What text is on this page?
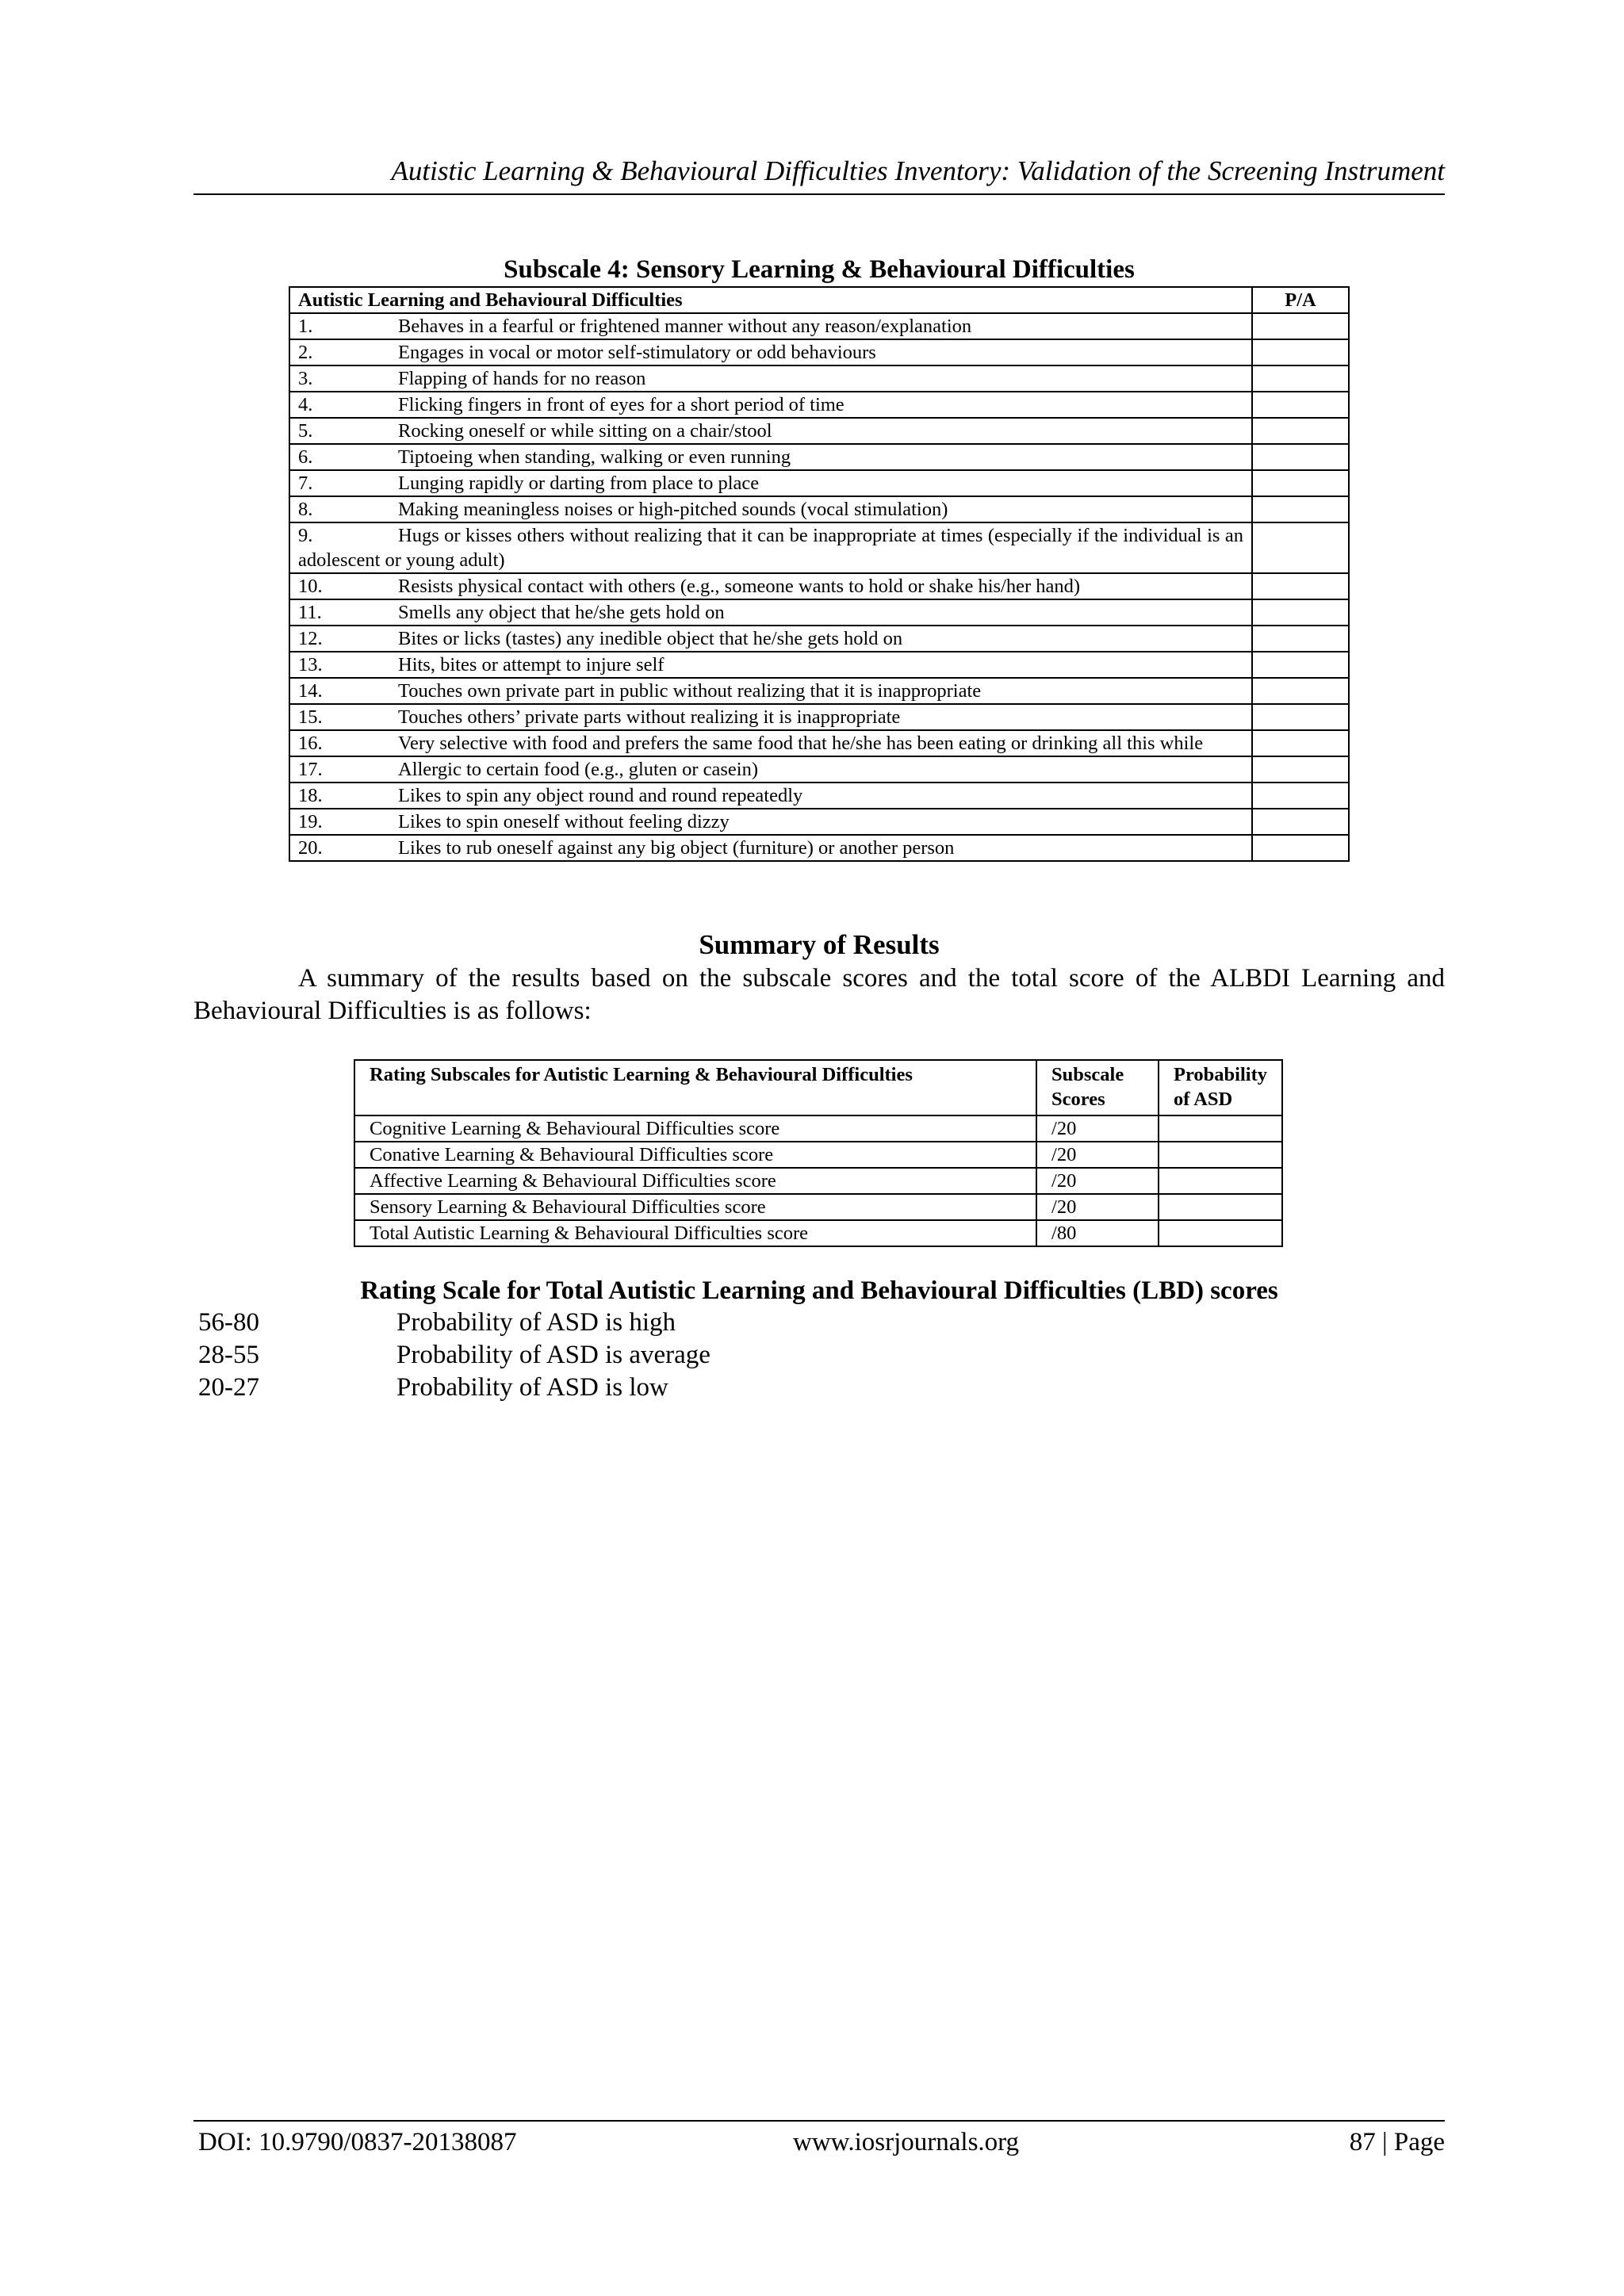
Autistic Learning & Behavioural Difficulties Inventory: Validation of the Screening Instrument
Subscale 4: Sensory Learning & Behavioural Difficulties
Autistic Learning and Behavioural Difficulties	P/A
1. Behaves in a fearful or frightened manner without any reason/explanation	
2. Engages in vocal or motor self-stimulatory or odd behaviours	
3. Flapping of hands for no reason	
4. Flicking fingers in front of eyes for a short period of time	
5. Rocking oneself or while sitting on a chair/stool	
6. Tiptoeing when standing, walking or even running	
7. Lunging rapidly or darting from place to place	
8. Making meaningless noises or high-pitched sounds (vocal stimulation)	
9. Hugs or kisses others without realizing that it can be inappropriate at times (especially if the individual is an adolescent or young adult)	
10. Resists physical contact with others (e.g., someone wants to hold or shake his/her hand)	
11. Smells any object that he/she gets hold on	
12. Bites or licks (tastes) any inedible object that he/she gets hold on	
13. Hits, bites or attempt to injure self	
14. Touches own private part in public without realizing that it is inappropriate	
15. Touches others’ private parts without realizing it is inappropriate	
16. Very selective with food and prefers the same food that he/she has been eating or drinking all this while	
17. Allergic to certain food (e.g., gluten or casein)	
18. Likes to spin any object round and round repeatedly	
19. Likes to spin oneself without feeling dizzy	
20. Likes to rub oneself against any big object (furniture) or another person	
Summary of Results
A summary of the results based on the subscale scores and the total score of the ALBDI Learning and Behavioural Difficulties is as follows:
Rating Subscales for Autistic Learning & Behavioural Difficulties	Subscale Scores	Probability of ASD
Cognitive Learning & Behavioural Difficulties score	/20	
Conative Learning & Behavioural Difficulties score	/20	
Affective Learning & Behavioural Difficulties score	/20	
Sensory Learning & Behavioural Difficulties score	/20	
Total Autistic Learning & Behavioural Difficulties score	/80	
Rating Scale for Total Autistic Learning and Behavioural Difficulties (LBD) scores
56-80	Probability of ASD is high
28-55	Probability of ASD is average
20-27	Probability of ASD is low
DOI: 10.9790/0837-20138087	www.iosrjournals.org	87 | Page
